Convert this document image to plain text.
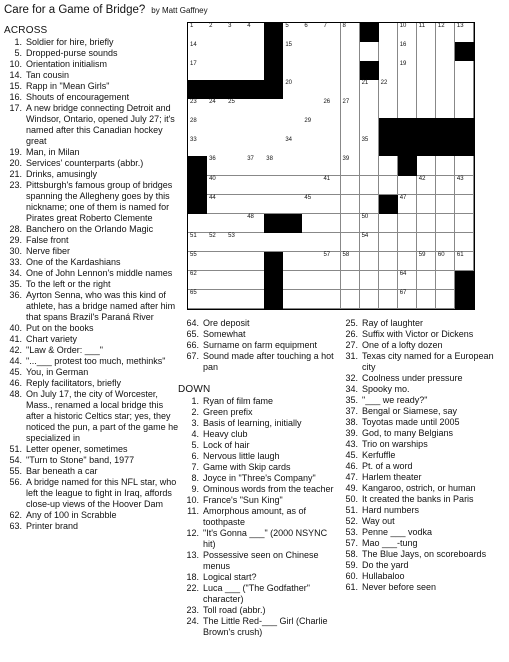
Care for a Game of Bridge? by Matt Gaffney
ACROSS	1	2	3	4	5	6	7	8	10 11 12 13
14	15	16
17	19
20	21 22
23 24 25	26 27
28	29
33	34	35
36	37 38	39
40	41	42	43
44	45	47
48	50
51 52 53	54
55	57 58	59 60 61
62	64
65	67
1. Soldier for hire, briefly
5. Dropped-purse sounds
10. Orientation initialism
14. Tan cousin
15. Rapp in "Mean Girls"
16. Shouts of encouragement
17. A new bridge connecting Detroit and Windsor, Ontario, opened July 27; it's named after this Canadian hockey great
19. Man, in Milan
20. Services' counterparts (abbr.)
21. Drinks, amusingly
23. Pittsburgh's famous group of bridges spanning the Allegheny goes by this nickname; one of them is named for Pirates great Roberto Clemente
28. Banchero on the Orlando Magic
29. False front
30. Nerve fiber
33. One of the Kardashians
34. One of John Lennon's middle names
35. To the left or the right
36. Ayrton Senna, who was this kind of athlete, has a bridge named after him that spans Brazil's Paraná River
40. Put on the books
41. Chart variety
42. "Law & Order: ___"
44. "...___ protest too much, methinks"
45. You, in German
46. Reply facilitators, briefly
48. On July 17, the city of Worcester, Mass., renamed a local bridge this after a historic Celtics star; yes, they noticed the pun, a part of the game he specialized in
51. Letter opener, sometimes
54. "Turn to Stone" band, 1977
55. Bar beneath a car
56. A bridge named for this NFL star, who left the league to fight in Iraq, affords close-up views of the Hoover Dam
62. Any of 100 in Scrabble
63. Printer brand
64. Ore deposit
65. Somewhat
66. Surname on farm equipment
67. Sound made after touching a hot pan
DOWN
1. Ryan of film fame
2. Green prefix
3. Basis of learning, initially
4. Heavy club
5. Lock of hair
6. Nervous little laugh
7. Game with Skip cards
8. Joyce in "Three's Company"
9. Ominous words from the teacher
10. France's "Sun King"
11. Amorphous amount, as of toothpaste
12. "It's Gonna ___" (2000 NSYNC hit)
13. Possessive seen on Chinese menus
18. Logical start?
22. Luca ___ ("The Godfather" character)
23. Toll road (abbr.)
24. The Little Red-___ Girl (Charlie Brown's crush)
25. Ray of laughter
26. Suffix with Victor or Dickens
27. One of a lofty dozen
31. Texas city named for a European city
32. Coolness under pressure
34. Spooky mo.
35. "___ we ready?"
37. Bengal or Siamese, say
38. Toyotas made until 2005
39. God, to many Belgians
43. Trio on warships
45. Kerfuffle
46. Pt. of a word
47. Harlem theater
49. Kangaroo, ostrich, or human
50. It created the banks in Paris
51. Hard numbers
52. Way out
53. Penne ___ vodka
57. Mao ___-tung
58. The Blue Jays, on scoreboards
59. Do the yard
60. Hullabaloo
61. Never before seen
